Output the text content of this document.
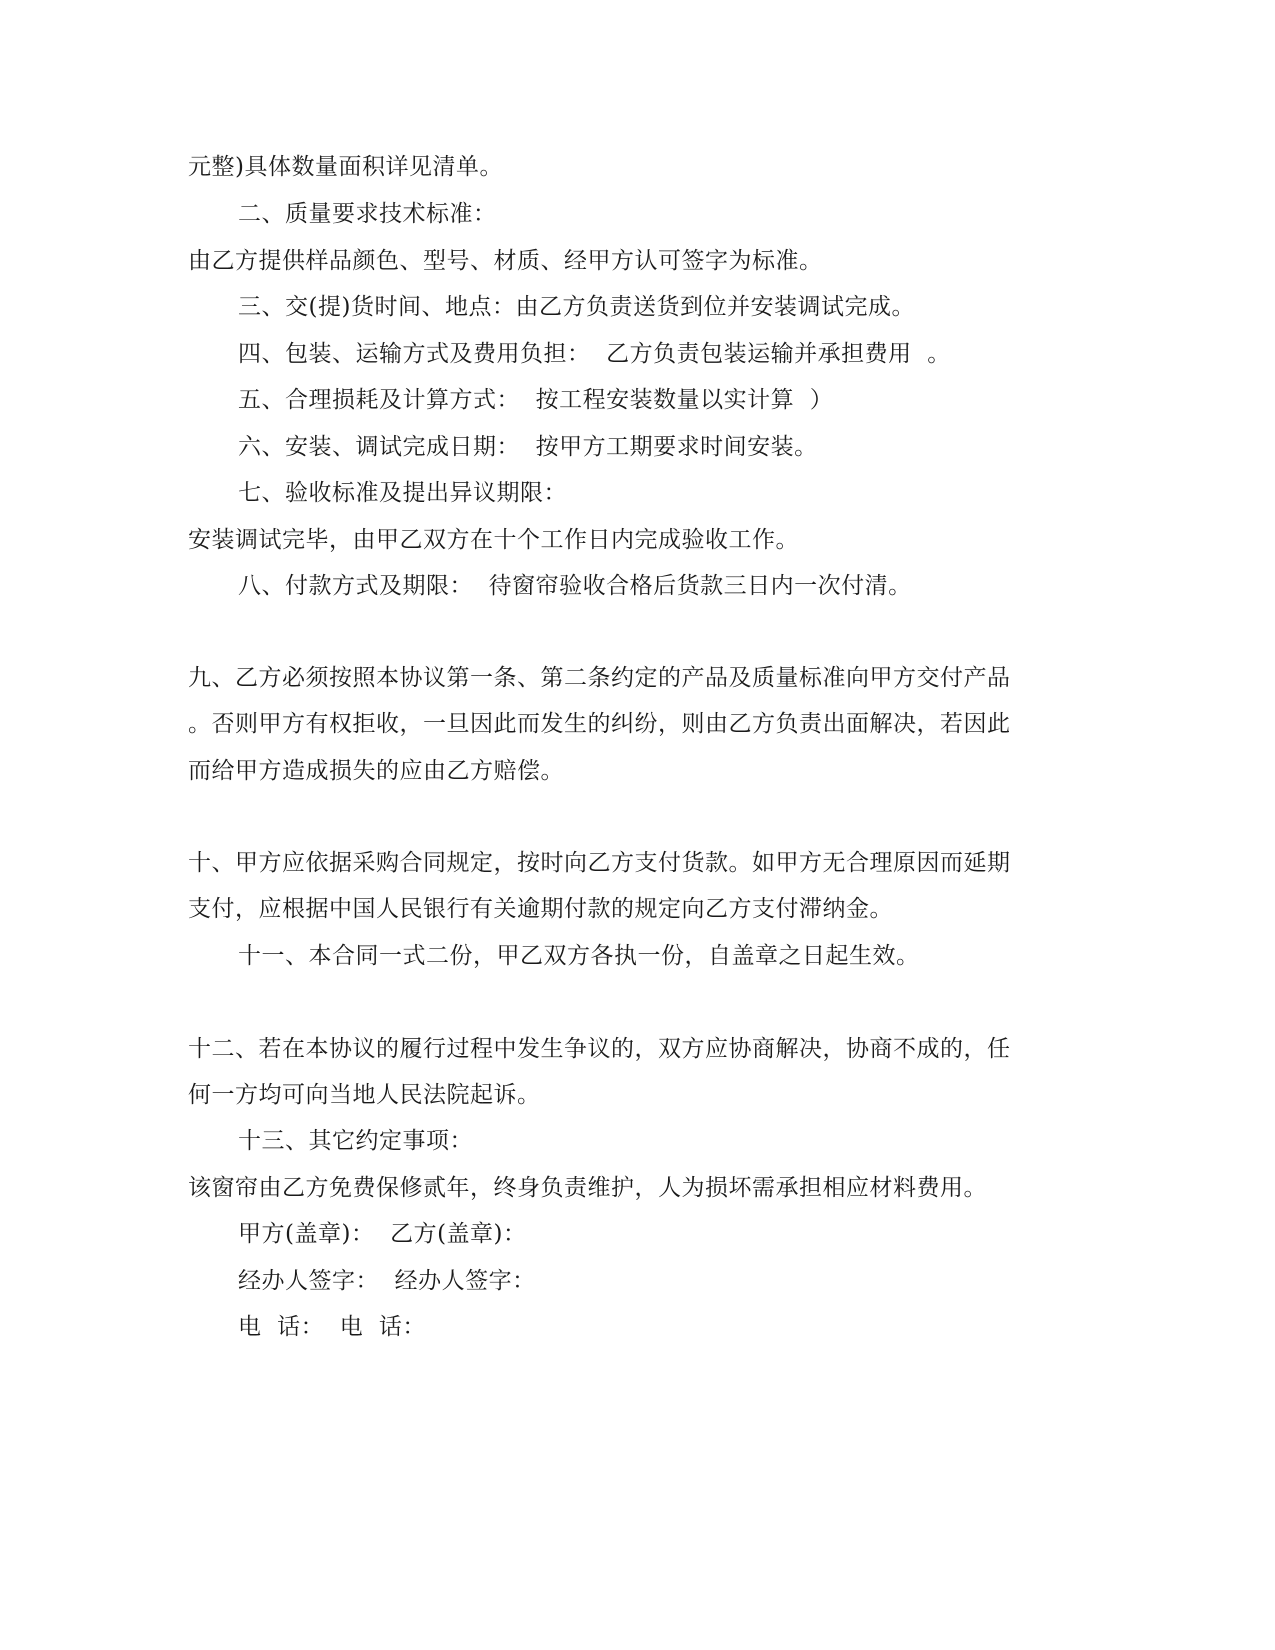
元整)具体数量面积详见清单。
二、质量要求技术标准：
由乙方提供样品颜色、型号、材质、经甲方认可签字为标准。
三、交(提)货时间、地点：由乙方负责送货到位并安装调试完成。
四、包装、运输方式及费用负担：  乙方负责包装运输并承担费用  。
五、合理损耗及计算方式：  按工程安装数量以实计算  ）
六、安装、调试完成日期：  按甲方工期要求时间安装。
七、验收标准及提出异议期限：
安装调试完毕，由甲乙双方在十个工作日内完成验收工作。
八、付款方式及期限：  待窗帘验收合格后货款三日内一次付清。
九、乙方必须按照本协议第一条、第二条约定的产品及质量标准向甲方交付产品
。否则甲方有权拒收，一旦因此而发生的纠纷，则由乙方负责出面解决，若因此
而给甲方造成损失的应由乙方赔偿。
十、甲方应依据采购合同规定，按时向乙方支付货款。如甲方无合理原因而延期
支付，应根据中国人民银行有关逾期付款的规定向乙方支付滞纳金。
十一、本合同一式二份，甲乙双方各执一份，自盖章之日起生效。
十二、若在本协议的履行过程中发生争议的，双方应协商解决，协商不成的，任
何一方均可向当地人民法院起诉。
十三、其它约定事项：
该窗帘由乙方免费保修贰年，终身负责维护，人为损坏需承担相应材料费用。
甲方(盖章)：  乙方(盖章)：
经办人签字：  经办人签字：
电  话：  电  话：
